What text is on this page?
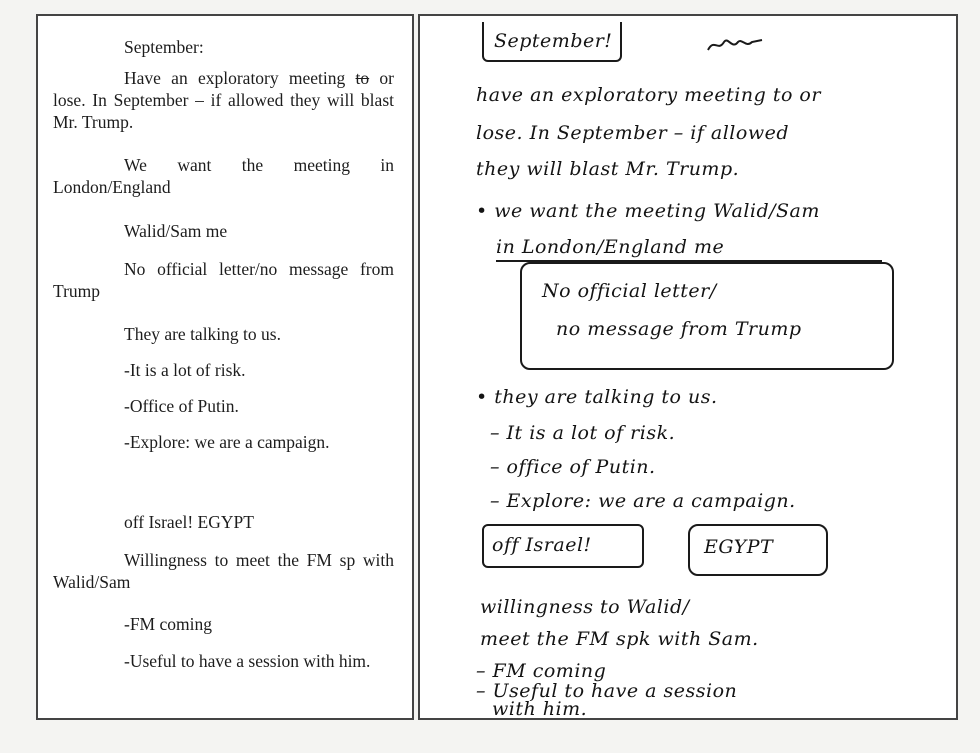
September:
Have an exploratory meeting to or lose. In September – if allowed they will blast Mr. Trump.
We want the meeting in London/England
Walid/Sam me
No official letter/no message from Trump
They are talking to us.
-It is a lot of risk.
-Office of Putin.
-Explore: we are a campaign.
off Israel! EGYPT
Willingness to meet the FM sp with Walid/Sam
-FM coming
-Useful to have a session with him.
September!
have an exploratory meeting to or
lose. In September – if allowed
they will blast Mr. Trump.
• we want the meeting Walid/Sam
in London/England me
No official letter/
no message from Trump
• they are talking to us.
– It is a lot of risk.
– office of Putin.
– Explore: we are a campaign.
off Israel!	EGYPT
willingness to Walid/
meet the FM spk with Sam.
– FM coming
– Useful to have a session
with him.
